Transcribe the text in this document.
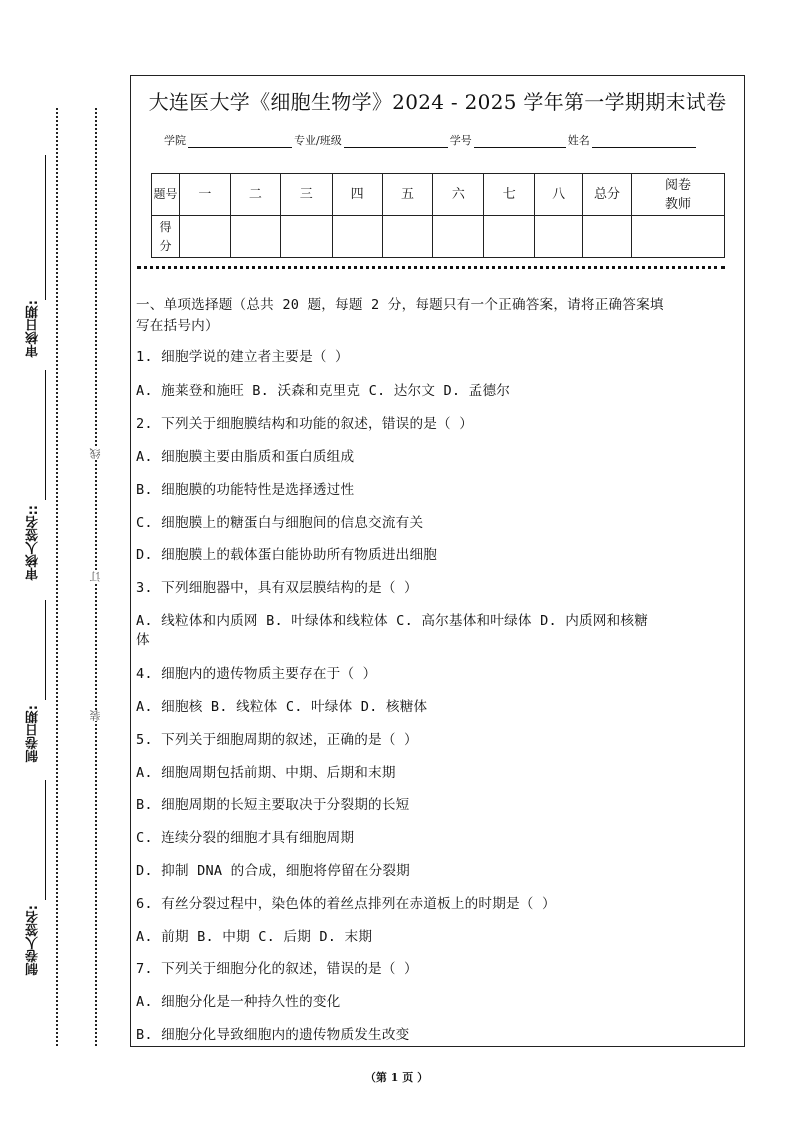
审核日期:
审核人签名::
制卷日期:
制卷人签名:
线
订
装
大连医大学《细胞生物学》2024 - 2025 学年第一学期期末试卷
学院	专业/班级	学号	姓名
题号	一	二	三	四	五	六	七	八	总分	阅卷教师
得分										
一、单项选择题（总共 20 题，每题 2 分，每题只有一个正确答案，请将正确答案填
写在括号内）
1. 细胞学说的建立者主要是（ ）
A. 施莱登和施旺 B. 沃森和克里克 C. 达尔文 D. 孟德尔
2. 下列关于细胞膜结构和功能的叙述，错误的是（ ）
A. 细胞膜主要由脂质和蛋白质组成
B. 细胞膜的功能特性是选择透过性
C. 细胞膜上的糖蛋白与细胞间的信息交流有关
D. 细胞膜上的载体蛋白能协助所有物质进出细胞
3. 下列细胞器中，具有双层膜结构的是（ ）
A. 线粒体和内质网 B. 叶绿体和线粒体 C. 高尔基体和叶绿体 D. 内质网和核糖
体
4. 细胞内的遗传物质主要存在于（ ）
A. 细胞核 B. 线粒体 C. 叶绿体 D. 核糖体
5. 下列关于细胞周期的叙述，正确的是（ ）
A. 细胞周期包括前期、中期、后期和末期
B. 细胞周期的长短主要取决于分裂期的长短
C. 连续分裂的细胞才具有细胞周期
D. 抑制 DNA 的合成，细胞将停留在分裂期
6. 有丝分裂过程中，染色体的着丝点排列在赤道板上的时期是（ ）
A. 前期 B. 中期 C. 后期 D. 末期
7. 下列关于细胞分化的叙述，错误的是（ ）
A. 细胞分化是一种持久性的变化
B. 细胞分化导致细胞内的遗传物质发生改变
（第 1 页 ）
